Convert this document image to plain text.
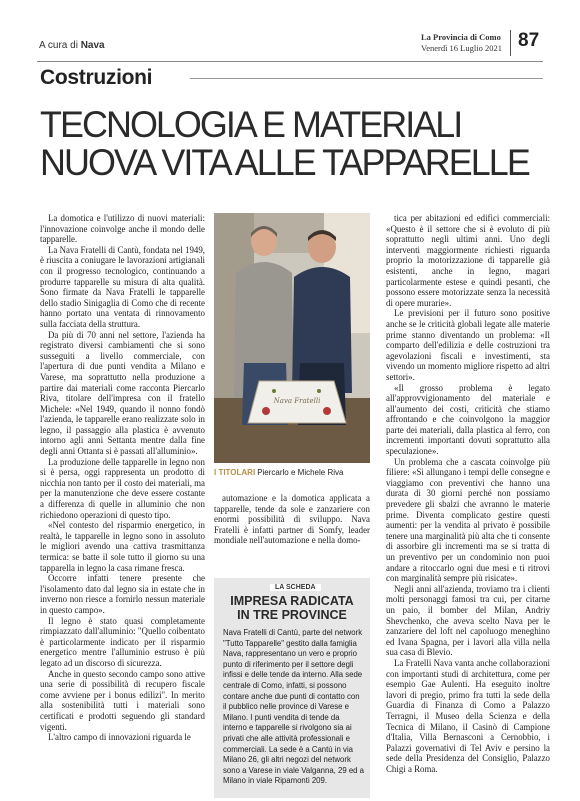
A cura di Nava
La Provincia di Como
Venerdì 16 Luglio 2021 87
Costruzioni
TECNOLOGIA E MATERIALI
NUOVA VITA ALLE TAPPARELLE

La domotica e l'utilizzo di nuovi materiali: l'innovazione coinvolge anche il mondo delle tapparelle.

La Nava Fratelli di Cantù, fondata nel 1949, è riuscita a coniugare le lavorazioni artigianali con il progresso tecnologico, continuando a produrre tapparelle su misura di alta qualità. Sono firmate da Nava Fratelli le tapparelle dello stadio Sinigaglia di Como che di recente hanno portato una ventata di rinnovamento sulla facciata della struttura.

Da più di 70 anni nel settore, l'azienda ha registrato diversi cambiamenti che si sono susseguiti a livello commerciale, con l'apertura di due punti vendita a Milano e Varese, ma soprattutto nella produzione a partire dai materiali come racconta Piercarlo Riva, titolare dell'impresa con il fratello Michele: «Nel 1949, quando il nonno fondò l'azienda, le tapparelle erano realizzate solo in legno, il passaggio alla plastica è avvenuto intorno agli anni Settanta mentre dalla fine degli anni Ottanta si è passati all'alluminio».

La produzione delle tapparelle in legno non si è persa, oggi rappresenta un prodotto di nicchia non tanto per il costo dei materiali, ma per la manutenzione che deve essere costante a differenza di quelle in alluminio che non richiedono operazioni di questo tipo.

«Nel contesto del risparmio energetico, in realtà, le tapparelle in legno sono in assoluto le migliori avendo una cattiva trasmittanza termica: se batte il sole tutto il giorno su una tapparella in legno la casa rimane fresca.

Occorre infatti tenere presente che l'isolamento dato dal legno sia in estate che in inverno non riesce a fornirlo nessun materiale in questo campo».

Il legno è stato quasi completamente rimpiazzato dall'alluminio: "Quello coibentato è particolarmente indicato per il risparmio energetico mentre l'alluminio estruso è più legato ad un discorso di sicurezza.

Anche in questo secondo campo sono attive una serie di possibilità di recupero fiscale come avviene per i bonus edilizi". In merito alla sostenibilità tutti i materiali sono certificati e prodotti seguendo gli standard vigenti.

L'altro campo di innovazioni riguarda le

Nava Fratelli
I TITOLARI Piercarlo e Michele Riva

automazione e la domotica applicata a tapparelle, tende da sole e zanzariere con enormi possibilità di sviluppo. Nava Fratelli è infatti partner di Somfy, leader mondiale nell'automazione e nella domo-

LA SCHEDA
IMPRESA RADICATA
IN TRE PROVINCE
Nava Fratelli di Cantù, parte del network "Tutto Tapparelle" gestito dalla famiglia Nava, rappresentano un vero e proprio punto di riferimento per il settore degli infissi e delle tende da interno. Alla sede centrale di Como, infatti, si possono contare anche due punti di contatto con il pubblico nelle province di Varese e Milano. I punti vendita di tende da interno e tapparelle si rivolgono sia ai privati che alle attività professionali e commerciali. La sede è a Cantù in via Milano 26, gli altri negozi del network sono a Varese in viale Valganna, 29 ed a Milano in viale Ripamonti 209.

tica per abitazioni ed edifici commerciali: «Questo è il settore che si è evoluto di più soprattutto negli ultimi anni. Uno degli interventi maggiormente richiesti riguarda proprio la motorizzazione di tapparelle già esistenti, anche in legno, magari particolarmente estese e quindi pesanti, che possono essere motorizzate senza la necessità di opere murarie».

Le previsioni per il futuro sono positive anche se le criticità globali legate alle materie prime stanno diventando un problema: «Il comparto dell'edilizia e delle costruzioni tra agevolazioni fiscali e investimenti, sta vivendo un momento migliore rispetto ad altri settori».

«Il grosso problema è legato all'approvvigionamento del materiale e all'aumento dei costi, criticità che stiamo affrontando e che coinvolgono la maggior parte dei materiali, dalla plastica al ferro, con incrementi importanti dovuti soprattutto alla speculazione».

Un problema che a cascata coinvolge più filiere: «Si allungano i tempi delle consegne e viaggiamo con preventivi che hanno una durata di 30 giorni perché non possiamo prevedere gli sbalzi che avranno le materie prime. Diventa complicato gestire questi aumenti: per la vendita al privato è possibile tenere una marginalità più alta che ti consente di assorbire gli incrementi ma se si tratta di un preventivo per un condominio non puoi andare a ritoccarlo ogni due mesi e ti ritrovi con marginalità sempre più risicate».

Negli anni all'azienda, troviamo tra i clienti molti personaggi famosi tra cui, per citarne un paio, il bomber del Milan, Andriy Shevchenko, che aveva scelto Nava per le zanzariere del loft nel capoluogo meneghino ed Ivana Spagna, per i lavori alla villa nella sua casa di Blevio.

La Fratelli Nava vanta anche collaborazioni con importanti studi di architettura, come per esempio Gae Aulenti. Ha eseguito inoltre lavori di pregio, primo fra tutti la sede della Guardia di Finanza di Como a Palazzo Terragni, il Museo della Scienza e della Tecnica di Milano, il Casinò di Campione d'Italia, Villa Bernasconi a Cernobbio, i Palazzi governativi di Tel Aviv e persino la sede della Presidenza del Consiglio, Palazzo Chigi a Roma.
